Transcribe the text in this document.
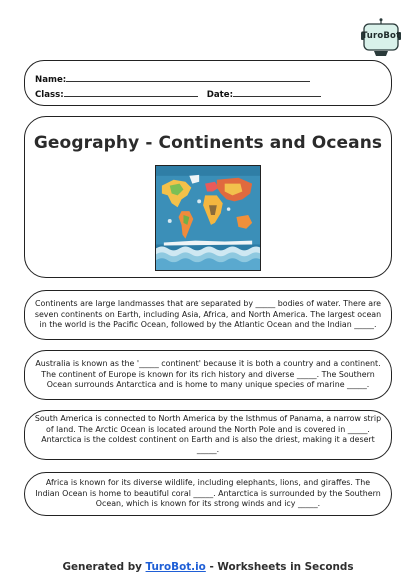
TuroBot
Name:
Class:	Date:
Geography - Continents and Oceans
Continents are large landmasses that are separated by _____ bodies of water. There are seven continents on Earth, including Asia, Africa, and North America. The largest ocean in the world is the Pacific Ocean, followed by the Atlantic Ocean and the Indian _____.
Australia is known as the '_____ continent' because it is both a country and a continent. The continent of Europe is known for its rich history and diverse _____. The Southern Ocean surrounds Antarctica and is home to many unique species of marine _____.
South America is connected to North America by the Isthmus of Panama, a narrow strip of land. The Arctic Ocean is located around the North Pole and is covered in _____. Antarctica is the coldest continent on Earth and is also the driest, making it a desert _____.
Africa is known for its diverse wildlife, including elephants, lions, and giraffes. The Indian Ocean is home to beautiful coral _____. Antarctica is surrounded by the Southern Ocean, which is known for its strong winds and icy _____.
Generated by TuroBot.io - Worksheets in Seconds
